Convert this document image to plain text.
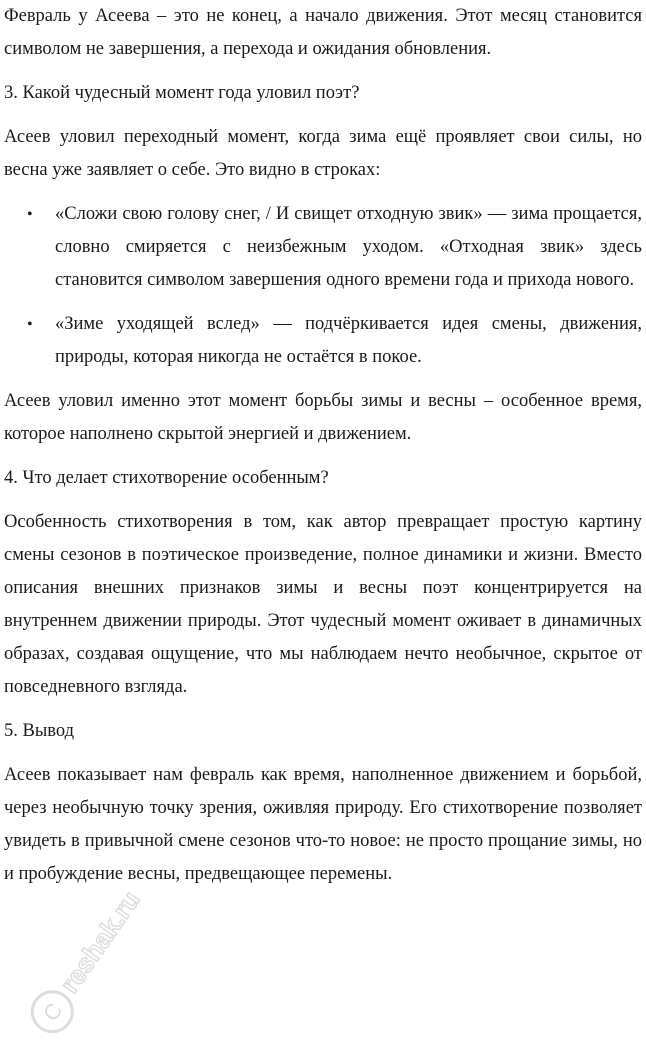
Февраль у Асеева – это не конец, а начало движения. Этот месяц становится символом не завершения, а перехода и ожидания обновления.

3. Какой чудесный момент года уловил поэт?

Асеев уловил переходный момент, когда зима ещё проявляет свои силы, но весна уже заявляет о себе. Это видно в строках:

• «Сложи свою голову снег, / И свищет отходную звик» — зима прощается, словно смиряется с неизбежным уходом. «Отходная звик» здесь становится символом завершения одного времени года и прихода нового.

• «Зиме уходящей вслед» — подчёркивается идея смены, движения, природы, которая никогда не остаётся в покое.

Асеев уловил именно этот момент борьбы зимы и весны – особенное время, которое наполнено скрытой энергией и движением.

4. Что делает стихотворение особенным?

Особенность стихотворения в том, как автор превращает простую картину смены сезонов в поэтическое произведение, полное динамики и жизни. Вместо описания внешних признаков зимы и весны поэт концентрируется на внутреннем движении природы. Этот чудесный момент оживает в динамичных образах, создавая ощущение, что мы наблюдаем нечто необычное, скрытое от повседневного взгляда.

5. Вывод

Асеев показывает нам февраль как время, наполненное движением и борьбой, через необычную точку зрения, оживляя природу. Его стихотворение позволяет увидеть в привычной смене сезонов что-то новое: не просто прощание зимы, но и пробуждение весны, предвещающее перемены.

C
reshak.ru
